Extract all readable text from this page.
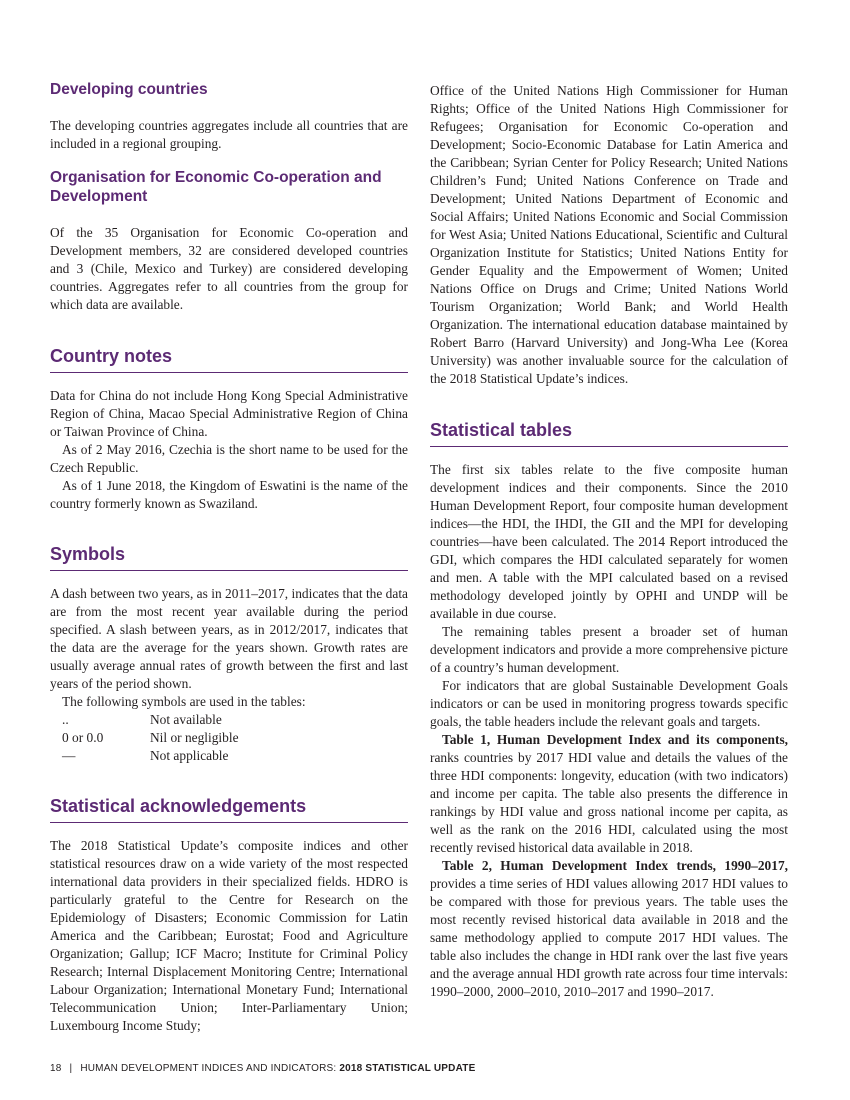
Developing countries

The developing countries aggregates include all countries that are included in a regional grouping.

Organisation for Economic Co-operation and Development

Of the 35 Organisation for Economic Co-operation and Development members, 32 are considered developed countries and 3 (Chile, Mexico and Turkey) are considered developing countries. Aggregates refer to all countries from the group for which data are available.

Country notes

Data for China do not include Hong Kong Special Administrative Region of China, Macao Special Administrative Region of China or Taiwan Province of China.

As of 2 May 2016, Czechia is the short name to be used for the Czech Republic.

As of 1 June 2018, the Kingdom of Eswatini is the name of the country formerly known as Swaziland.

Symbols

A dash between two years, as in 2011–2017, indicates that the data are from the most recent year available during the period specified. A slash between years, as in 2012/2017, indicates that the data are the average for the years shown. Growth rates are usually average annual rates of growth between the first and last years of the period shown.

The following symbols are used in the tables:

..	Not available
0 or 0.0	Nil or negligible
—	Not applicable
Statistical acknowledgements

The 2018 Statistical Update’s composite indices and other statistical resources draw on a wide variety of the most respected international data providers in their specialized fields. HDRO is particularly grateful to the Centre for Research on the Epidemiology of Disasters; Economic Commission for Latin America and the Caribbean; Eurostat; Food and Agriculture Organization; Gallup; ICF Macro; Institute for Criminal Policy Research; Internal Displacement Monitoring Centre; International Labour Organization; International Monetary Fund; International Telecommunication Union; Inter-Parliamentary Union; Luxembourg Income Study;

Office of the United Nations High Commissioner for Human Rights; Office of the United Nations High Commissioner for Refugees; Organisation for Economic Co-operation and Development; Socio-Economic Database for Latin America and the Caribbean; Syrian Center for Policy Research; United Nations Children’s Fund; United Nations Conference on Trade and Development; United Nations Department of Economic and Social Affairs; United Nations Economic and Social Commission for West Asia; United Nations Educational, Scientific and Cultural Organization Institute for Statistics; United Nations Entity for Gender Equality and the Empowerment of Women; United Nations Office on Drugs and Crime; United Nations World Tourism Organization; World Bank; and World Health Organization. The international education database maintained by Robert Barro (Harvard University) and Jong-Wha Lee (Korea University) was another invaluable source for the calculation of the 2018 Statistical Update’s indices.

Statistical tables

The first six tables relate to the five composite human development indices and their components. Since the 2010 Human Development Report, four composite human development indices—the HDI, the IHDI, the GII and the MPI for developing countries—have been calculated. The 2014 Report introduced the GDI, which compares the HDI calculated separately for women and men. A table with the MPI calculated based on a revised methodology developed jointly by OPHI and UNDP will be available in due course.

The remaining tables present a broader set of human development indicators and provide a more comprehensive picture of a country’s human development.

For indicators that are global Sustainable Development Goals indicators or can be used in monitoring progress towards specific goals, the table headers include the relevant goals and targets.

Table 1, Human Development Index and its components, ranks countries by 2017 HDI value and details the values of the three HDI components: longevity, education (with two indicators) and income per capita. The table also presents the difference in rankings by HDI value and gross national income per capita, as well as the rank on the 2016 HDI, calculated using the most recently revised historical data available in 2018.

Table 2, Human Development Index trends, 1990–2017, provides a time series of HDI values allowing 2017 HDI values to be compared with those for previous years. The table uses the most recently revised historical data available in 2018 and the same methodology applied to compute 2017 HDI values. The table also includes the change in HDI rank over the last five years and the average annual HDI growth rate across four time intervals: 1990–2000, 2000–2010, 2010–2017 and 1990–2017.

18 | HUMAN DEVELOPMENT INDICES AND INDICATORS: 2018 STATISTICAL UPDATE
